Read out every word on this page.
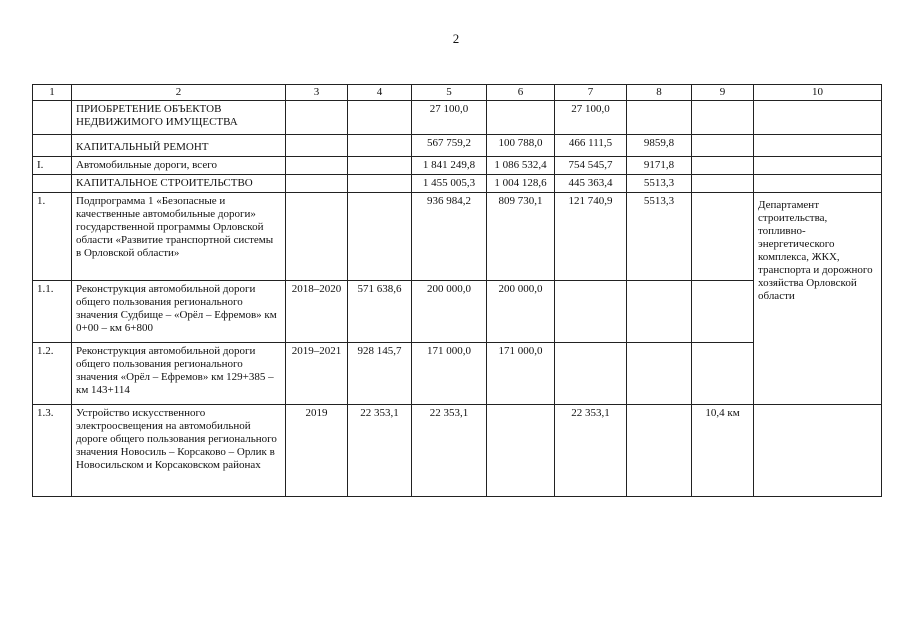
2
1	2	3	4	5	6	7	8	9	10
	ПРИОБРЕТЕНИЕ ОБЪЕКТОВ НЕДВИЖИМОГО ИМУЩЕСТВА			27 100,0		27 100,0			
	КАПИТАЛЬНЫЙ РЕМОНТ			567 759,2	100 788,0	466 111,5	9859,8		
I.	Автомобильные дороги, всего			1 841 249,8	1 086 532,4	754 545,7	9171,8		
	КАПИТАЛЬНОЕ СТРОИТЕЛЬСТВО			1 455 005,3	1 004 128,6	445 363,4	5513,3		
1.	Подпрограмма 1 «Безопасные и качественные автомобильные дороги» государственной программы Орловской области «Развитие транспортной системы в Орловской области»			936 984,2	809 730,1	121 740,9	5513,3		Департамент строительства, топливно-энергетического комплекса, ЖКХ, транспорта и дорожного хозяйства Орловской области
1.1.	Реконструкция автомобильной дороги общего пользования регионального значения Судбище – «Орёл – Ефремов» км 0+00 – км 6+800	2018–2020	571 638,6	200 000,0	200 000,0				
1.2.	Реконструкция автомобильной дороги общего пользования регионального значения «Орёл – Ефремов» км 129+385 – км 143+114	2019–2021	928 145,7	171 000,0	171 000,0				
1.3.	Устройство искусственного электроосвещения на автомобильной дороге общего пользования регионального значения Новосиль – Корсаково – Орлик в Новосильском и Корсаковском районах	2019	22 353,1	22 353,1		22 353,1		10,4 км	
